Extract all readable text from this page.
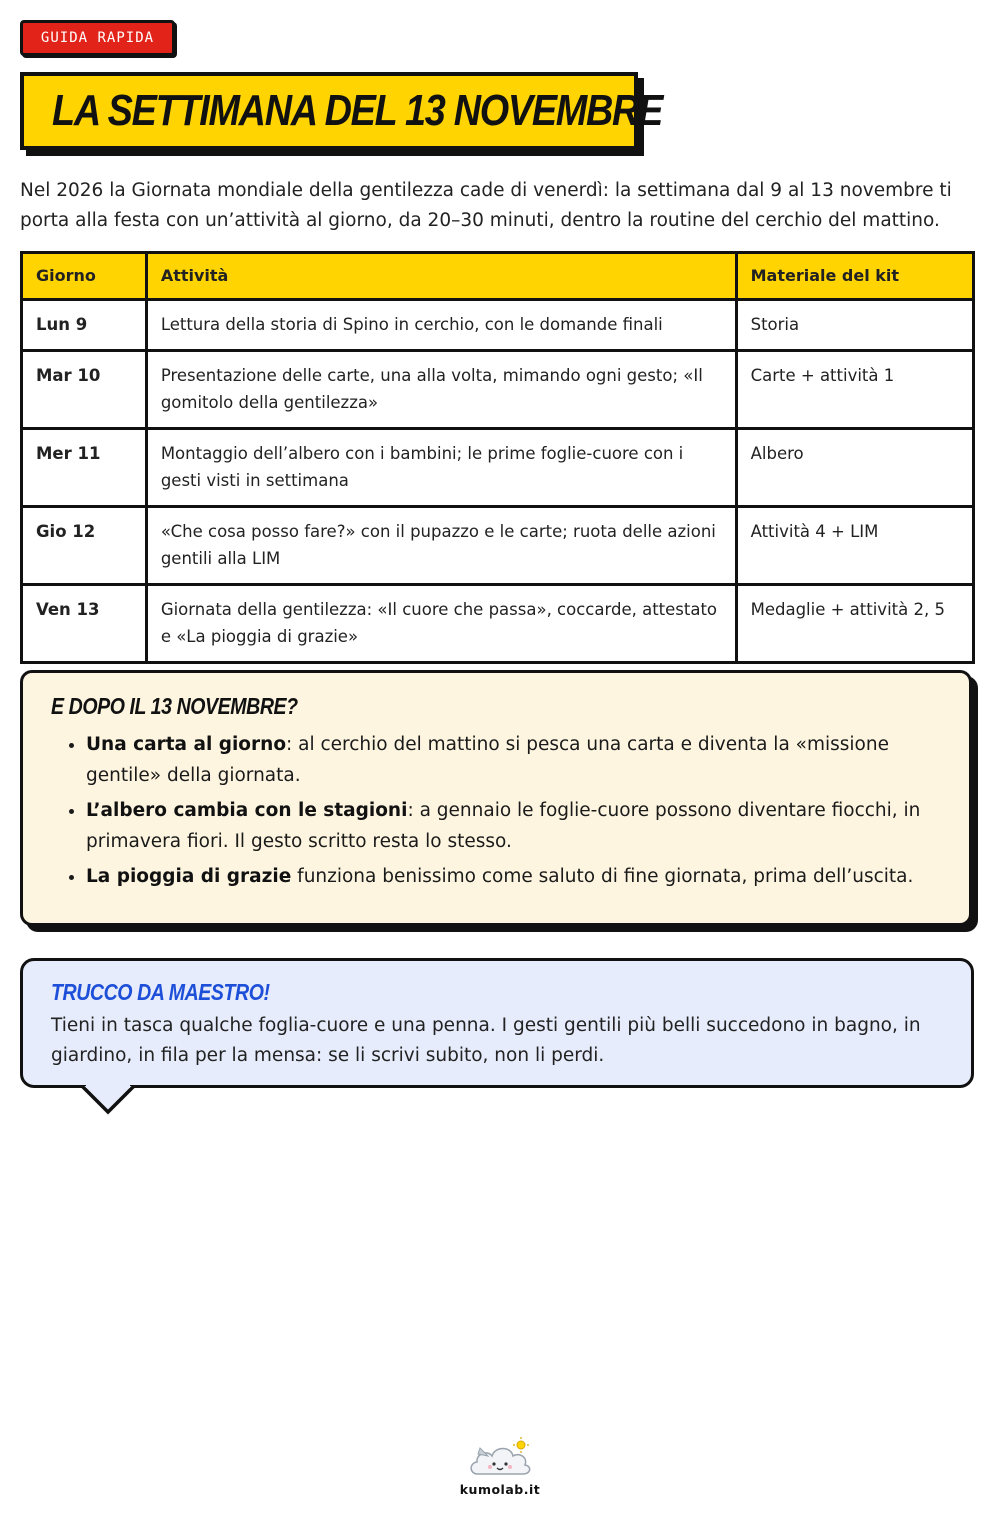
GUIDA RAPIDA
LA SETTIMANA DEL 13 NOVEMBRE

Nel 2026 la Giornata mondiale della gentilezza cade di venerdì: la settimana dal 9 al 13 novembre ti porta alla festa con un’attività al giorno, da 20–30 minuti, dentro la routine del cerchio del mattino.

Giorno	Attività	Materiale del kit
Lun 9	Lettura della storia di Spino in cerchio, con le domande finali	Storia
Mar 10	Presentazione delle carte, una alla volta, mimando ogni gesto; «Il gomitolo della gentilezza»	Carte + attività 1
Mer 11	Montaggio dell’albero con i bambini; le prime foglie-cuore con i gesti visti in settimana	Albero
Gio 12	«Che cosa posso fare?» con il pupazzo e le carte; ruota delle azioni gentili alla LIM	Attività 4 + LIM
Ven 13	Giornata della gentilezza: «Il cuore che passa», coccarde, attestato e «La pioggia di grazie»	Medaglie + attività 2, 5
E DOPO IL 13 NOVEMBRE?
• Una carta al giorno: al cerchio del mattino si pesca una carta e diventa la «missione gentile» della giornata.
• L’albero cambia con le stagioni: a gennaio le foglie-cuore possono diventare fiocchi, in primavera fiori. Il gesto scritto resta lo stesso.
• La pioggia di grazie funziona benissimo come saluto di fine giornata, prima dell’uscita.
TRUCCO DA MAESTRO!

Tieni in tasca qualche foglia-cuore e una penna. I gesti gentili più belli succedono in bagno, in giardino, in fila per la mensa: se li scrivi subito, non li perdi.

kumolab.it
